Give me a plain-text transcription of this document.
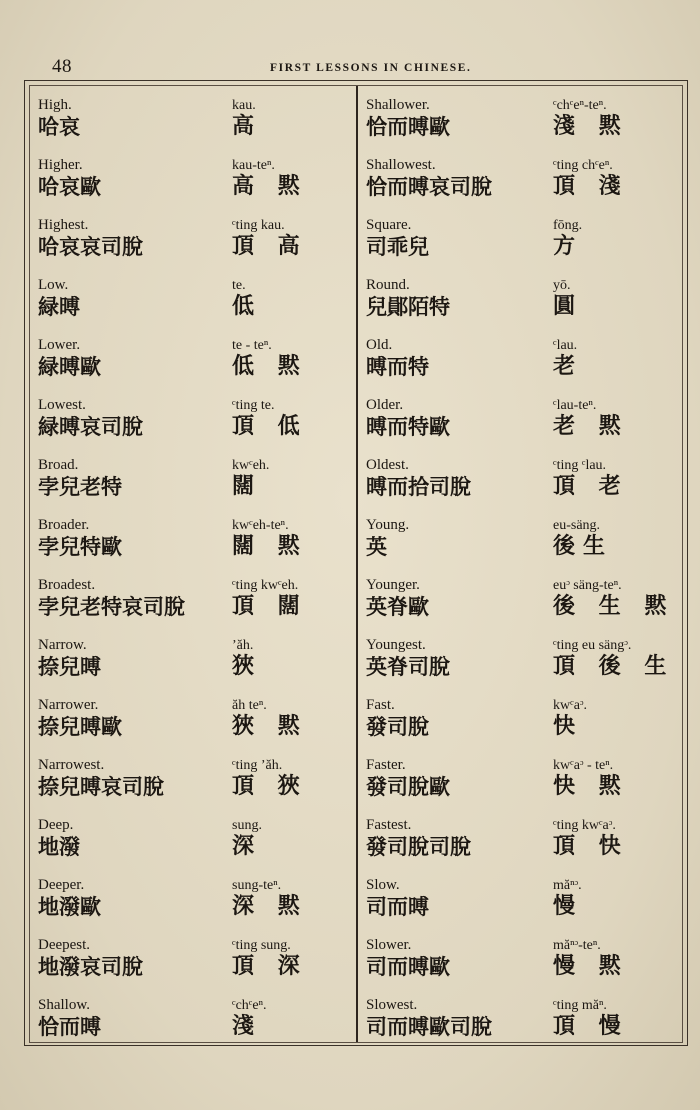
48	FIRST LESSONS IN CHINESE.
High.
哈哀
kau.
高
Higher.
哈哀歐
kau-teⁿ.
高 黙
Highest.
哈哀哀司脫
ᶜting kau.
頂 高
Low.
緑㬍
te.
低
Lower.
緑㬍歐
te - teⁿ.
低 黙
Lowest.
緑㬍哀司脫
ᶜting te.
頂 低
Broad.
孛兒老特
kwᶜeh.
闊
Broader.
孛兒特歐
kwᶜeh-teⁿ.
闊 黙
Broadest.
孛兒老特哀司脫
ᶜting kwᶜeh.
頂 闊
Narrow.
捺兒㬍
ʼăh.
狹
Narrower.
捺兒㬍歐
ăh teⁿ.
狹 黙
Narrowest.
捺兒㬍哀司脫
ᶜting ʼăh.
頂 狹
Deep.
地潑
sung.
深
Deeper.
地潑歐
sung-teⁿ.
深 黙
Deepest.
地潑哀司脫
ᶜting sung.
頂 深
Shallow.
恰而㬍
ᶜchᶜeⁿ.
淺
Shallower.
恰而㬍歐
ᶜchᶜeⁿ-teⁿ.
淺 黙
Shallowest.
恰而㬍哀司脫
ᶜting chᶜeⁿ.
頂 淺
Square.
司乖兒
fōng.
方
Round.
兒鄖陌特
yō.
圓
Old.
㬍而特
ᶜlau.
老
Older.
㬍而特歐
ᶜlau-teⁿ.
老 黙
Oldest.
㬍而拾司脫
ᶜting ᶜlau.
頂 老
Young.
英
eu-säng.
後生
Younger.
英脊歐
euᵓ säng-teⁿ.
後 生 黙
Youngest.
英脊司脫
ᶜting eu sängᵓ.
頂 後 生
Fast.
發司脫
kwᶜaᵓ.
快
Faster.
發司脫歐
kwᶜaᵓ - teⁿ.
快 黙
Fastest.
發司脫司脫
ᶜting kwᶜaᵓ.
頂 快
Slow.
司而㬍
măⁿᵓ.
慢
Slower.
司而㬍歐
măⁿᵓ-teⁿ.
慢 黙
Slowest.
司而㬍歐司脫
ᶜting măⁿ.
頂 慢
